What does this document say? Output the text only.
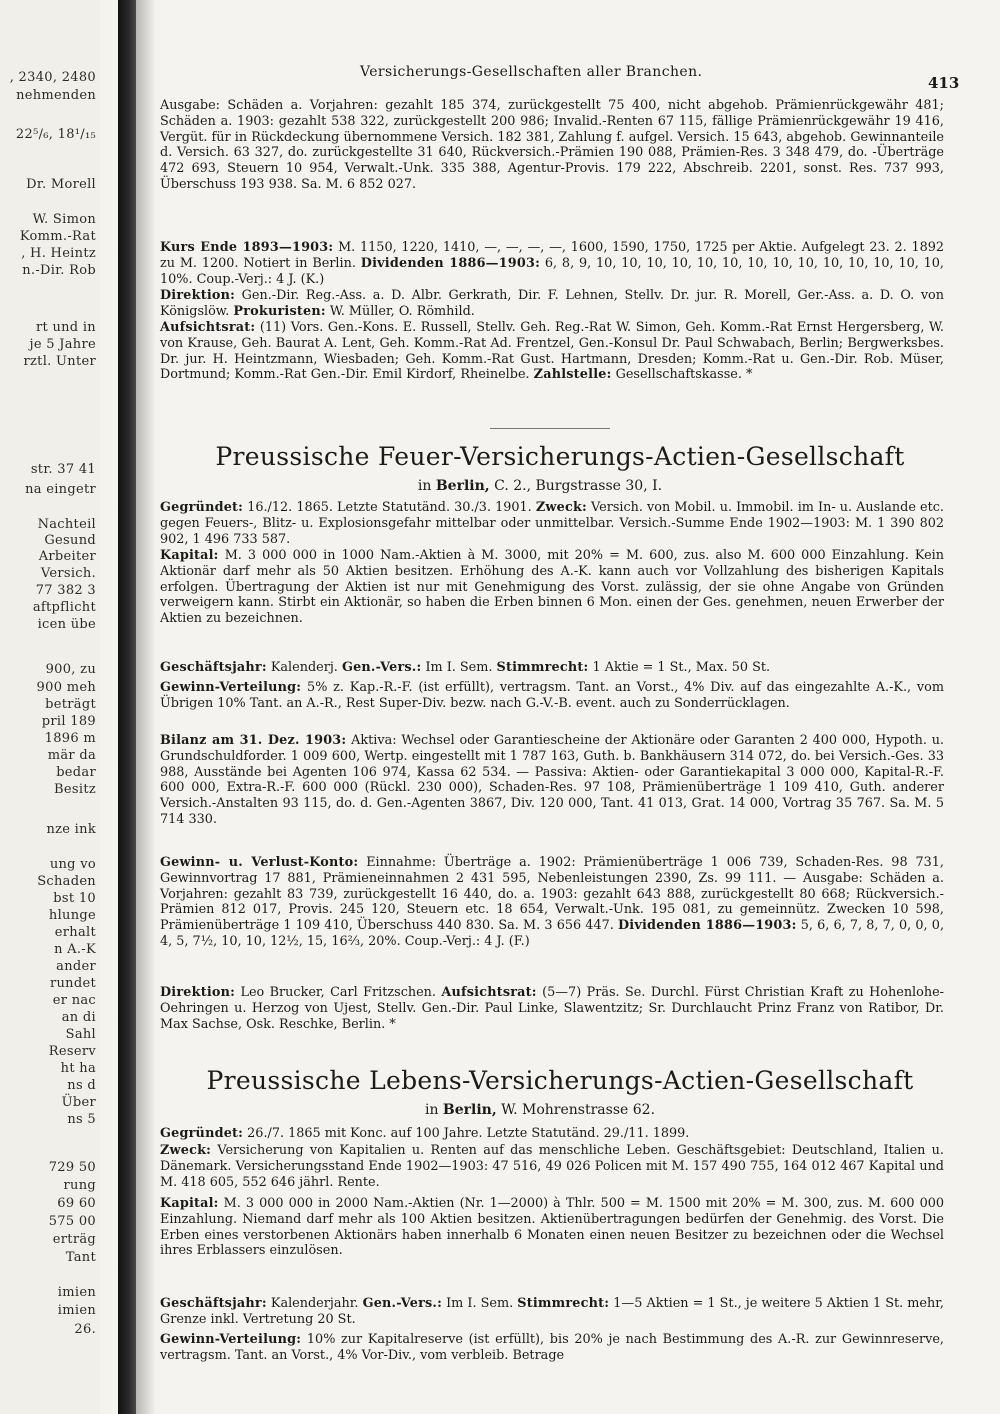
, 2340, 2480
nehmenden
22⁵/₆, 18¹/₁₅
Dr. Morell
W. Simon
Komm.-Rat
, H. Heintz
n.-Dir. Rob
rt und in
je 5 Jahre
rztl. Unter
str. 37 41
na eingetr
Nachteil
Gesund
Arbeiter
Versich.
77 382 3
aftpflicht
icen übe
900, zu
900 meh
beträgt
pril 189
1896 m
mär da
bedar
Besitz
nze ink
ung vo
Schaden
bst 10
hlunge
erhalt
n A.-K
ander
rundet
er nac
an di
Sahl
Reserv
ht ha
ns d
Über
ns 5
729 50
rung
69 60
575 00
erträg
Tant
imien
imien
26.
Versicherungs-Gesellschaften aller Branchen.
413
Ausgabe: Schäden a. Vorjahren: gezahlt 185 374, zurückgestellt 75 400, nicht abgehob. Prämienrückgewähr 481; Schäden a. 1903: gezahlt 538 322, zurückgestellt 200 986; Invalid.-Renten 67 115, fällige Prämienrückgewähr 19 416, Vergüt. für in Rückdeckung übernommene Versich. 182 381, Zahlung f. aufgel. Versich. 15 643, abgehob. Gewinnanteile d. Versich. 63 327, do. zurückgestellte 31 640, Rückversich.-Prämien 190 088, Prämien-Res. 3 348 479, do. -Überträge 472 693, Steuern 10 954, Verwalt.-Unk. 335 388, Agentur-Provis. 179 222, Abschreib. 2201, sonst. Res. 737 993, Überschuss 193 938. Sa. M. 6 852 027.
Kurs Ende 1893—1903: M. 1150, 1220, 1410, —, —, —, —, 1600, 1590, 1750, 1725 per Aktie. Aufgelegt 23. 2. 1892 zu M. 1200. Notiert in Berlin. Dividenden 1886—1903: 6, 8, 9, 10, 10, 10, 10, 10, 10, 10, 10, 10, 10, 10, 10, 10, 10, 10%. Coup.-Verj.: 4 J. (K.)
Direktion: Gen.-Dir. Reg.-Ass. a. D. Albr. Gerkrath, Dir. F. Lehnen, Stellv. Dr. jur. R. Morell, Ger.-Ass. a. D. O. von Königslöw. Prokuristen: W. Müller, O. Römhild.
Aufsichtsrat: (11) Vors. Gen.-Kons. E. Russell, Stellv. Geh. Reg.-Rat W. Simon, Geh. Komm.-Rat Ernst Hergersberg, W. von Krause, Geh. Baurat A. Lent, Geh. Komm.-Rat Ad. Frentzel, Gen.-Konsul Dr. Paul Schwabach, Berlin; Bergwerksbes. Dr. jur. H. Heintzmann, Wiesbaden; Geh. Komm.-Rat Gust. Hartmann, Dresden; Komm.-Rat u. Gen.-Dir. Rob. Müser, Dortmund; Komm.-Rat Gen.-Dir. Emil Kirdorf, Rheinelbe. Zahlstelle: Gesellschaftskasse. *
Preussische Feuer-Versicherungs-Actien-Gesellschaft
in Berlin, C. 2., Burgstrasse 30, I.
Gegründet: 16./12. 1865. Letzte Statutänd. 30./3. 1901. Zweck: Versich. von Mobil. u. Immobil. im In- u. Auslande etc. gegen Feuers-, Blitz- u. Explosionsgefahr mittelbar oder unmittelbar. Versich.-Summe Ende 1902—1903: M. 1 390 802 902, 1 496 733 587.
Kapital: M. 3 000 000 in 1000 Nam.-Aktien à M. 3000, mit 20% = M. 600, zus. also M. 600 000 Einzahlung. Kein Aktionär darf mehr als 50 Aktien besitzen. Erhöhung des A.-K. kann auch vor Vollzahlung des bisherigen Kapitals erfolgen. Übertragung der Aktien ist nur mit Genehmigung des Vorst. zulässig, der sie ohne Angabe von Gründen verweigern kann. Stirbt ein Aktionär, so haben die Erben binnen 6 Mon. einen der Ges. genehmen, neuen Erwerber der Aktien zu bezeichnen.
Geschäftsjahr: Kalenderj. Gen.-Vers.: Im I. Sem. Stimmrecht: 1 Aktie = 1 St., Max. 50 St.
Gewinn-Verteilung: 5% z. Kap.-R.-F. (ist erfüllt), vertragsm. Tant. an Vorst., 4% Div. auf das eingezahlte A.-K., vom Übrigen 10% Tant. an A.-R., Rest Super-Div. bezw. nach G.-V.-B. event. auch zu Sonderrücklagen.
Bilanz am 31. Dez. 1903: Aktiva: Wechsel oder Garantiescheine der Aktionäre oder Garanten 2 400 000, Hypoth. u. Grundschuldforder. 1 009 600, Wertp. eingestellt mit 1 787 163, Guth. b. Bankhäusern 314 072, do. bei Versich.-Ges. 33 988, Ausstände bei Agenten 106 974, Kassa 62 534. — Passiva: Aktien- oder Garantiekapital 3 000 000, Kapital-R.-F. 600 000, Extra-R.-F. 600 000 (Rückl. 230 000), Schaden-Res. 97 108, Prämienüberträge 1 109 410, Guth. anderer Versich.-Anstalten 93 115, do. d. Gen.-Agenten 3867, Div. 120 000, Tant. 41 013, Grat. 14 000, Vortrag 35 767. Sa. M. 5 714 330.
Gewinn- u. Verlust-Konto: Einnahme: Überträge a. 1902: Prämienüberträge 1 006 739, Schaden-Res. 98 731, Gewinnvortrag 17 881, Prämieneinnahmen 2 431 595, Nebenleistungen 2390, Zs. 99 111. — Ausgabe: Schäden a. Vorjahren: gezahlt 83 739, zurückgestellt 16 440, do. a. 1903: gezahlt 643 888, zurückgestellt 80 668; Rückversich.-Prämien 812 017, Provis. 245 120, Steuern etc. 18 654, Verwalt.-Unk. 195 081, zu gemeinnütz. Zwecken 10 598, Prämienüberträge 1 109 410, Überschuss 440 830. Sa. M. 3 656 447. Dividenden 1886—1903: 5, 6, 6, 7, 8, 7, 0, 0, 0, 4, 5, 7½, 10, 10, 12½, 15, 16⅔, 20%. Coup.-Verj.: 4 J. (F.)
Direktion: Leo Brucker, Carl Fritzschen. Aufsichtsrat: (5—7) Präs. Se. Durchl. Fürst Christian Kraft zu Hohenlohe-Oehringen u. Herzog von Ujest, Stellv. Gen.-Dir. Paul Linke, Slawentzitz; Sr. Durchlaucht Prinz Franz von Ratibor, Dr. Max Sachse, Osk. Reschke, Berlin. *
Preussische Lebens-Versicherungs-Actien-Gesellschaft
in Berlin, W. Mohrenstrasse 62.
Gegründet: 26./7. 1865 mit Konc. auf 100 Jahre. Letzte Statutänd. 29./11. 1899.
Zweck: Versicherung von Kapitalien u. Renten auf das menschliche Leben. Geschäftsgebiet: Deutschland, Italien u. Dänemark. Versicherungsstand Ende 1902—1903: 47 516, 49 026 Policen mit M. 157 490 755, 164 012 467 Kapital und M. 418 605, 552 646 jährl. Rente.
Kapital: M. 3 000 000 in 2000 Nam.-Aktien (Nr. 1—2000) à Thlr. 500 = M. 1500 mit 20% = M. 300, zus. M. 600 000 Einzahlung. Niemand darf mehr als 100 Aktien besitzen. Aktienübertragungen bedürfen der Genehmig. des Vorst. Die Erben eines verstorbenen Aktionärs haben innerhalb 6 Monaten einen neuen Besitzer zu bezeichnen oder die Wechsel ihres Erblassers einzulösen.
Geschäftsjahr: Kalenderjahr. Gen.-Vers.: Im I. Sem. Stimmrecht: 1—5 Aktien = 1 St., je weitere 5 Aktien 1 St. mehr, Grenze inkl. Vertretung 20 St.
Gewinn-Verteilung: 10% zur Kapitalreserve (ist erfüllt), bis 20% je nach Bestimmung des A.-R. zur Gewinnreserve, vertragsm. Tant. an Vorst., 4% Vor-Div., vom verbleib. Betrage
